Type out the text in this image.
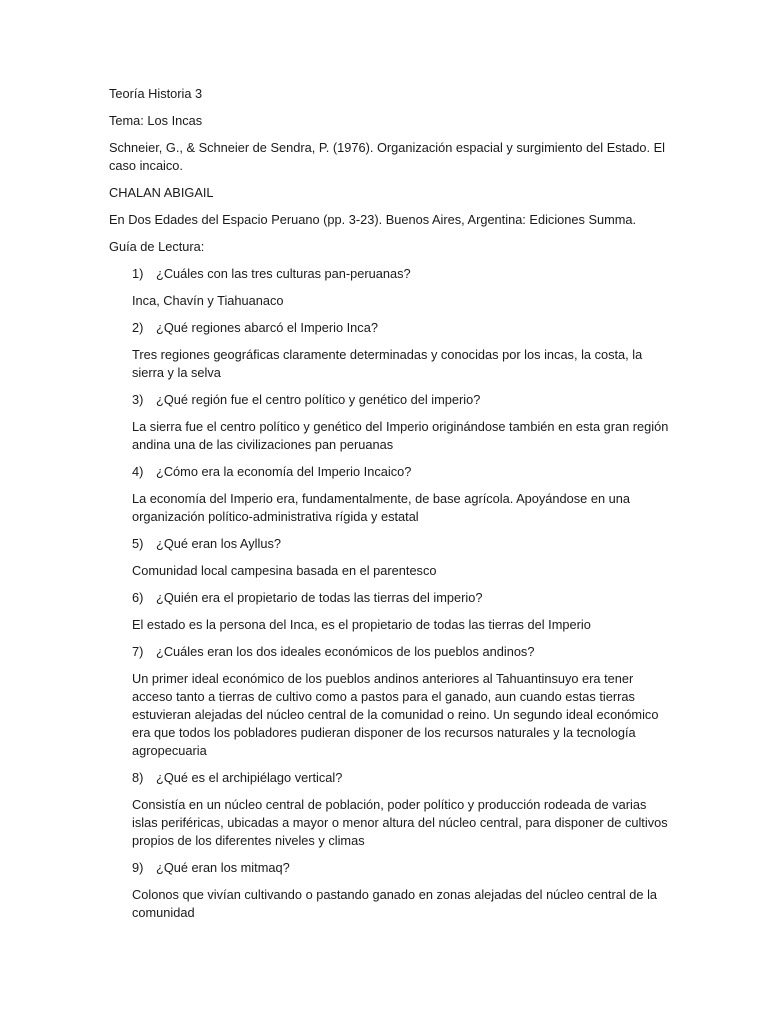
Teoría Historia 3

Tema: Los Incas

Schneier, G., & Schneier de Sendra, P. (1976). Organización espacial y surgimiento del Estado. El caso incaico.

CHALAN ABIGAIL

En Dos Edades del Espacio Peruano (pp. 3-23). Buenos Aires, Argentina: Ediciones Summa.

Guía de Lectura:

1) ¿Cuáles con las tres culturas pan-peruanas?

Inca, Chavín y Tiahuanaco

2) ¿Qué regiones abarcó el Imperio Inca?

Tres regiones geográficas claramente determinadas y conocidas por los incas, la costa, la sierra y la selva

3) ¿Qué región fue el centro político y genético del imperio?

La sierra fue el centro político y genético del Imperio originándose también en esta gran región andina una de las civilizaciones pan peruanas

4) ¿Cómo era la economía del Imperio Incaico?

La economía del Imperio era, fundamentalmente, de base agrícola. Apoyándose en una organización político-administrativa rígida y estatal

5) ¿Qué eran los Ayllus?

Comunidad local campesina basada en el parentesco

6) ¿Quién era el propietario de todas las tierras del imperio?

El estado es la persona del Inca, es el propietario de todas las tierras del Imperio

7) ¿Cuáles eran los dos ideales económicos de los pueblos andinos?

Un primer ideal económico de los pueblos andinos anteriores al Tahuantinsuyo era tener acceso tanto a tierras de cultivo como a pastos para el ganado, aun cuando estas tierras estuvieran alejadas del núcleo central de la comunidad o reino. Un segundo ideal económico era que todos los pobladores pudieran disponer de los recursos naturales y la tecnología agropecuaria

8) ¿Qué es el archipiélago vertical?

Consistía en un núcleo central de población, poder político y producción rodeada de varias islas periféricas, ubicadas a mayor o menor altura del núcleo central, para disponer de cultivos propios de los diferentes niveles y climas

9) ¿Qué eran los mitmaq?

Colonos que vivían cultivando o pastando ganado en zonas alejadas del núcleo central de la comunidad
